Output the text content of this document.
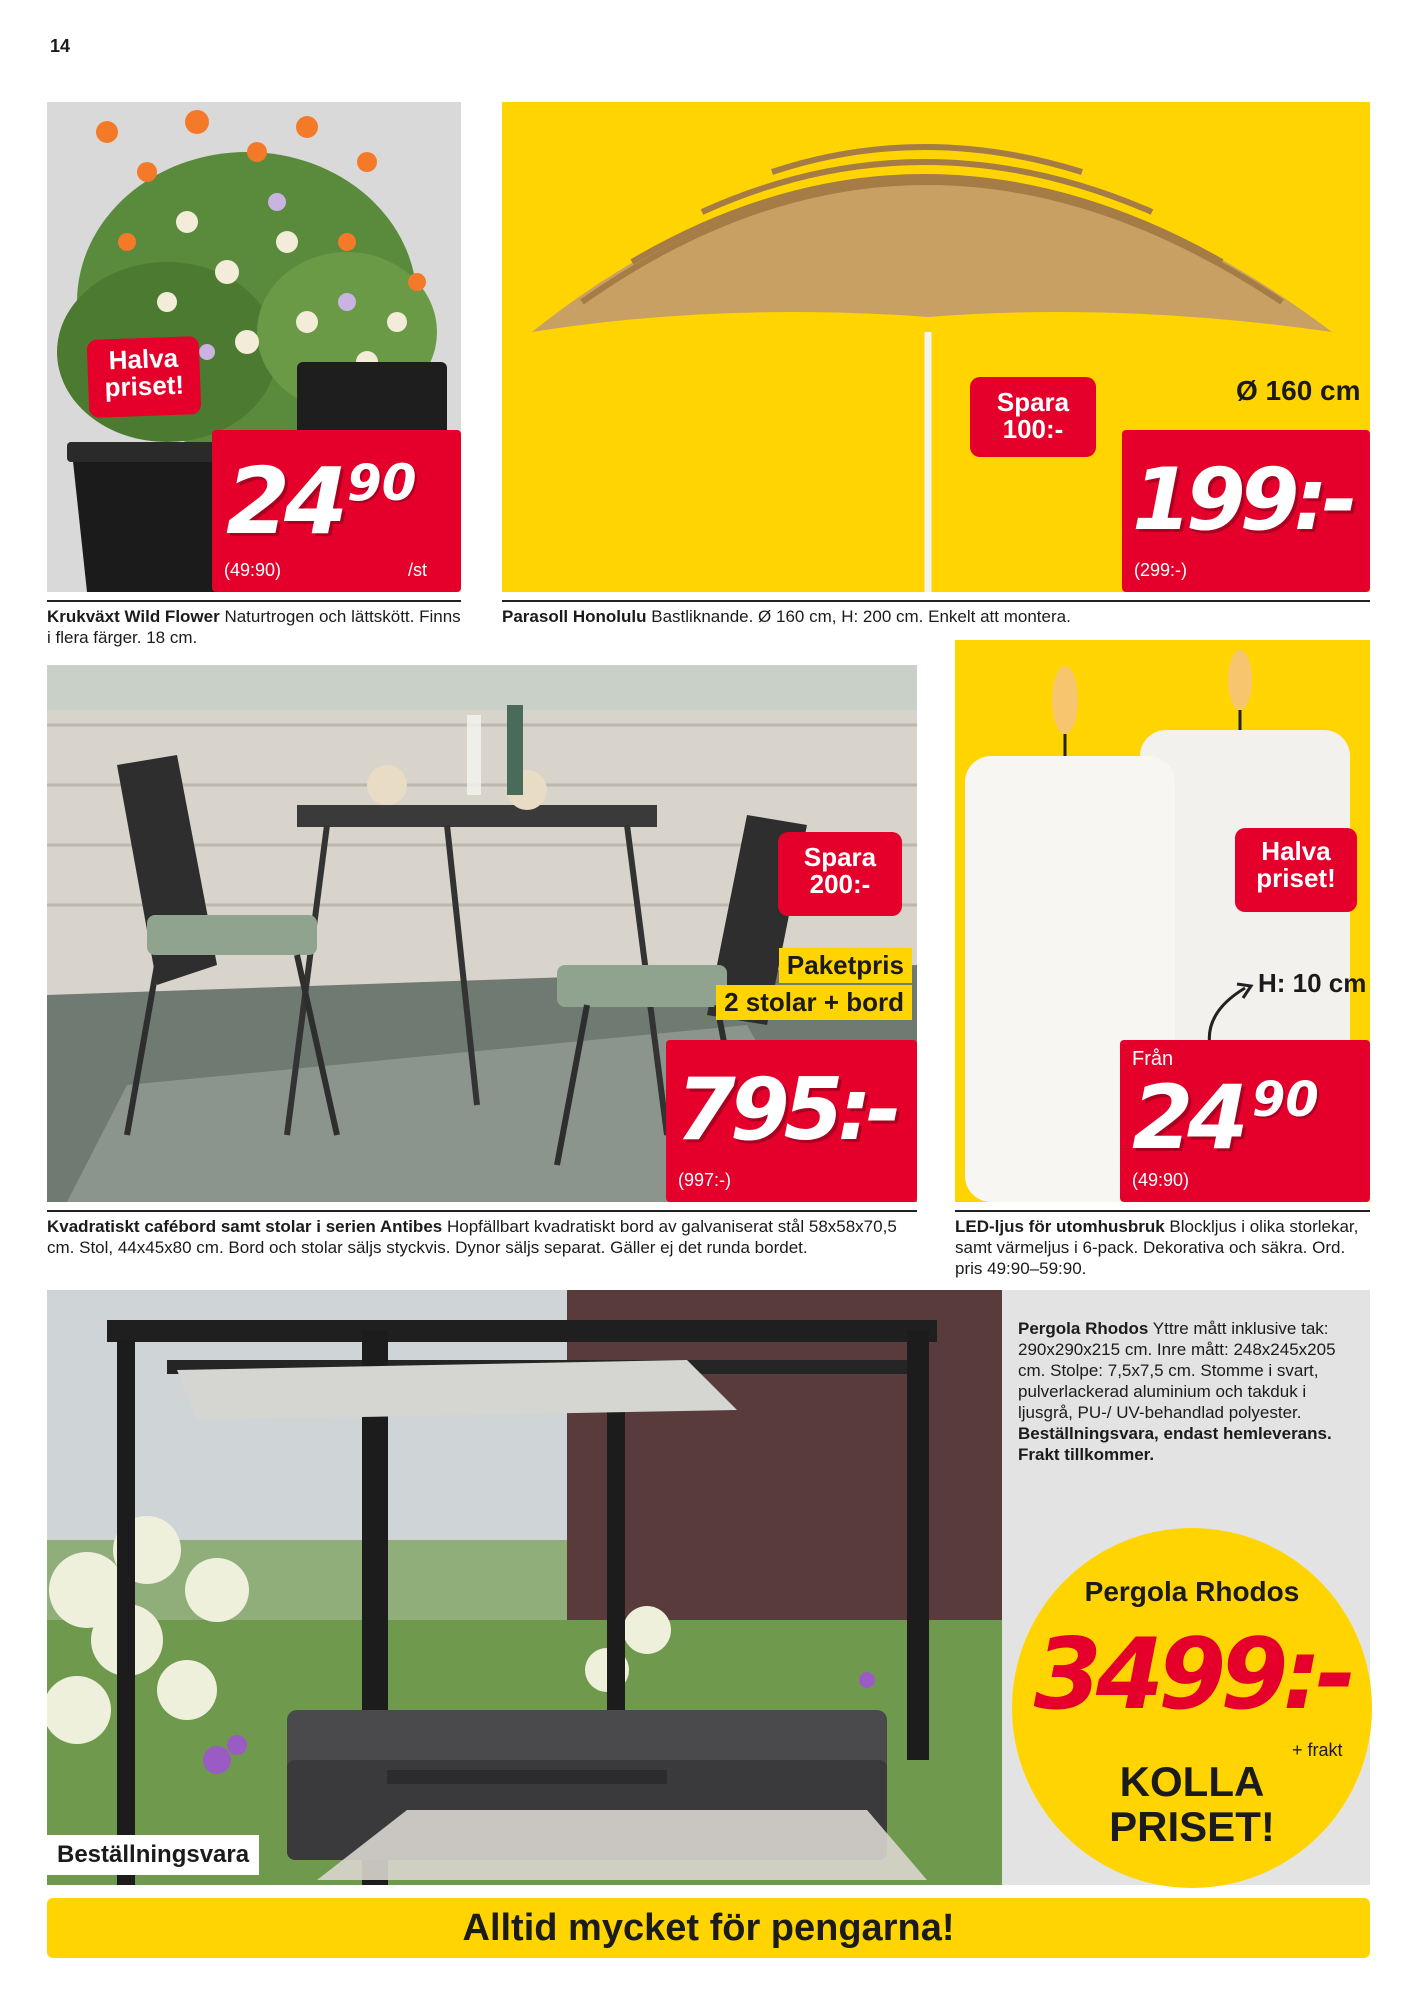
14
Halva priset!
24 90
(49:90)	/st
Krukväxt Wild Flower Naturtrogen och lättskött. Finns i flera färger. 18 cm.
Ø 160 cm
Spara 100:-
199:-
(299:-)
Parasoll Honolulu Bastliknande. Ø 160 cm, H: 200 cm. Enkelt att montera.
Spara 200:-
Paketpris
2 stolar + bord
795:-
(997:-)
Kvadratiskt cafébord samt stolar i serien Antibes Hopfällbart kvadratiskt bord av galvaniserat stål 58x58x70,5 cm. Stol, 44x45x80 cm. Bord och stolar säljs styckvis. Dynor säljs separat. Gäller ej det runda bordet.
Halva priset!
H: 10 cm
Från
24 90
(49:90)
LED-ljus för utomhusbruk Blockljus i olika storlekar, samt värmeljus i 6-pack. Dekorativa och säkra. Ord. pris 49:90–59:90.
Beställningsvara
Pergola Rhodos Yttre mått inklusive tak: 290x290x215 cm. Inre mått: 248x245x205 cm. Stolpe: 7,5x7,5 cm. Stomme i svart, pulverlackerad aluminium och takduk i ljusgrå, PU-/ UV-behandlad polyester. Beställningsvara, endast hemleverans. Frakt tillkommer.
Pergola Rhodos
3499:-
+ frakt
KOLLA
PRISET!
Alltid mycket för pengarna!
